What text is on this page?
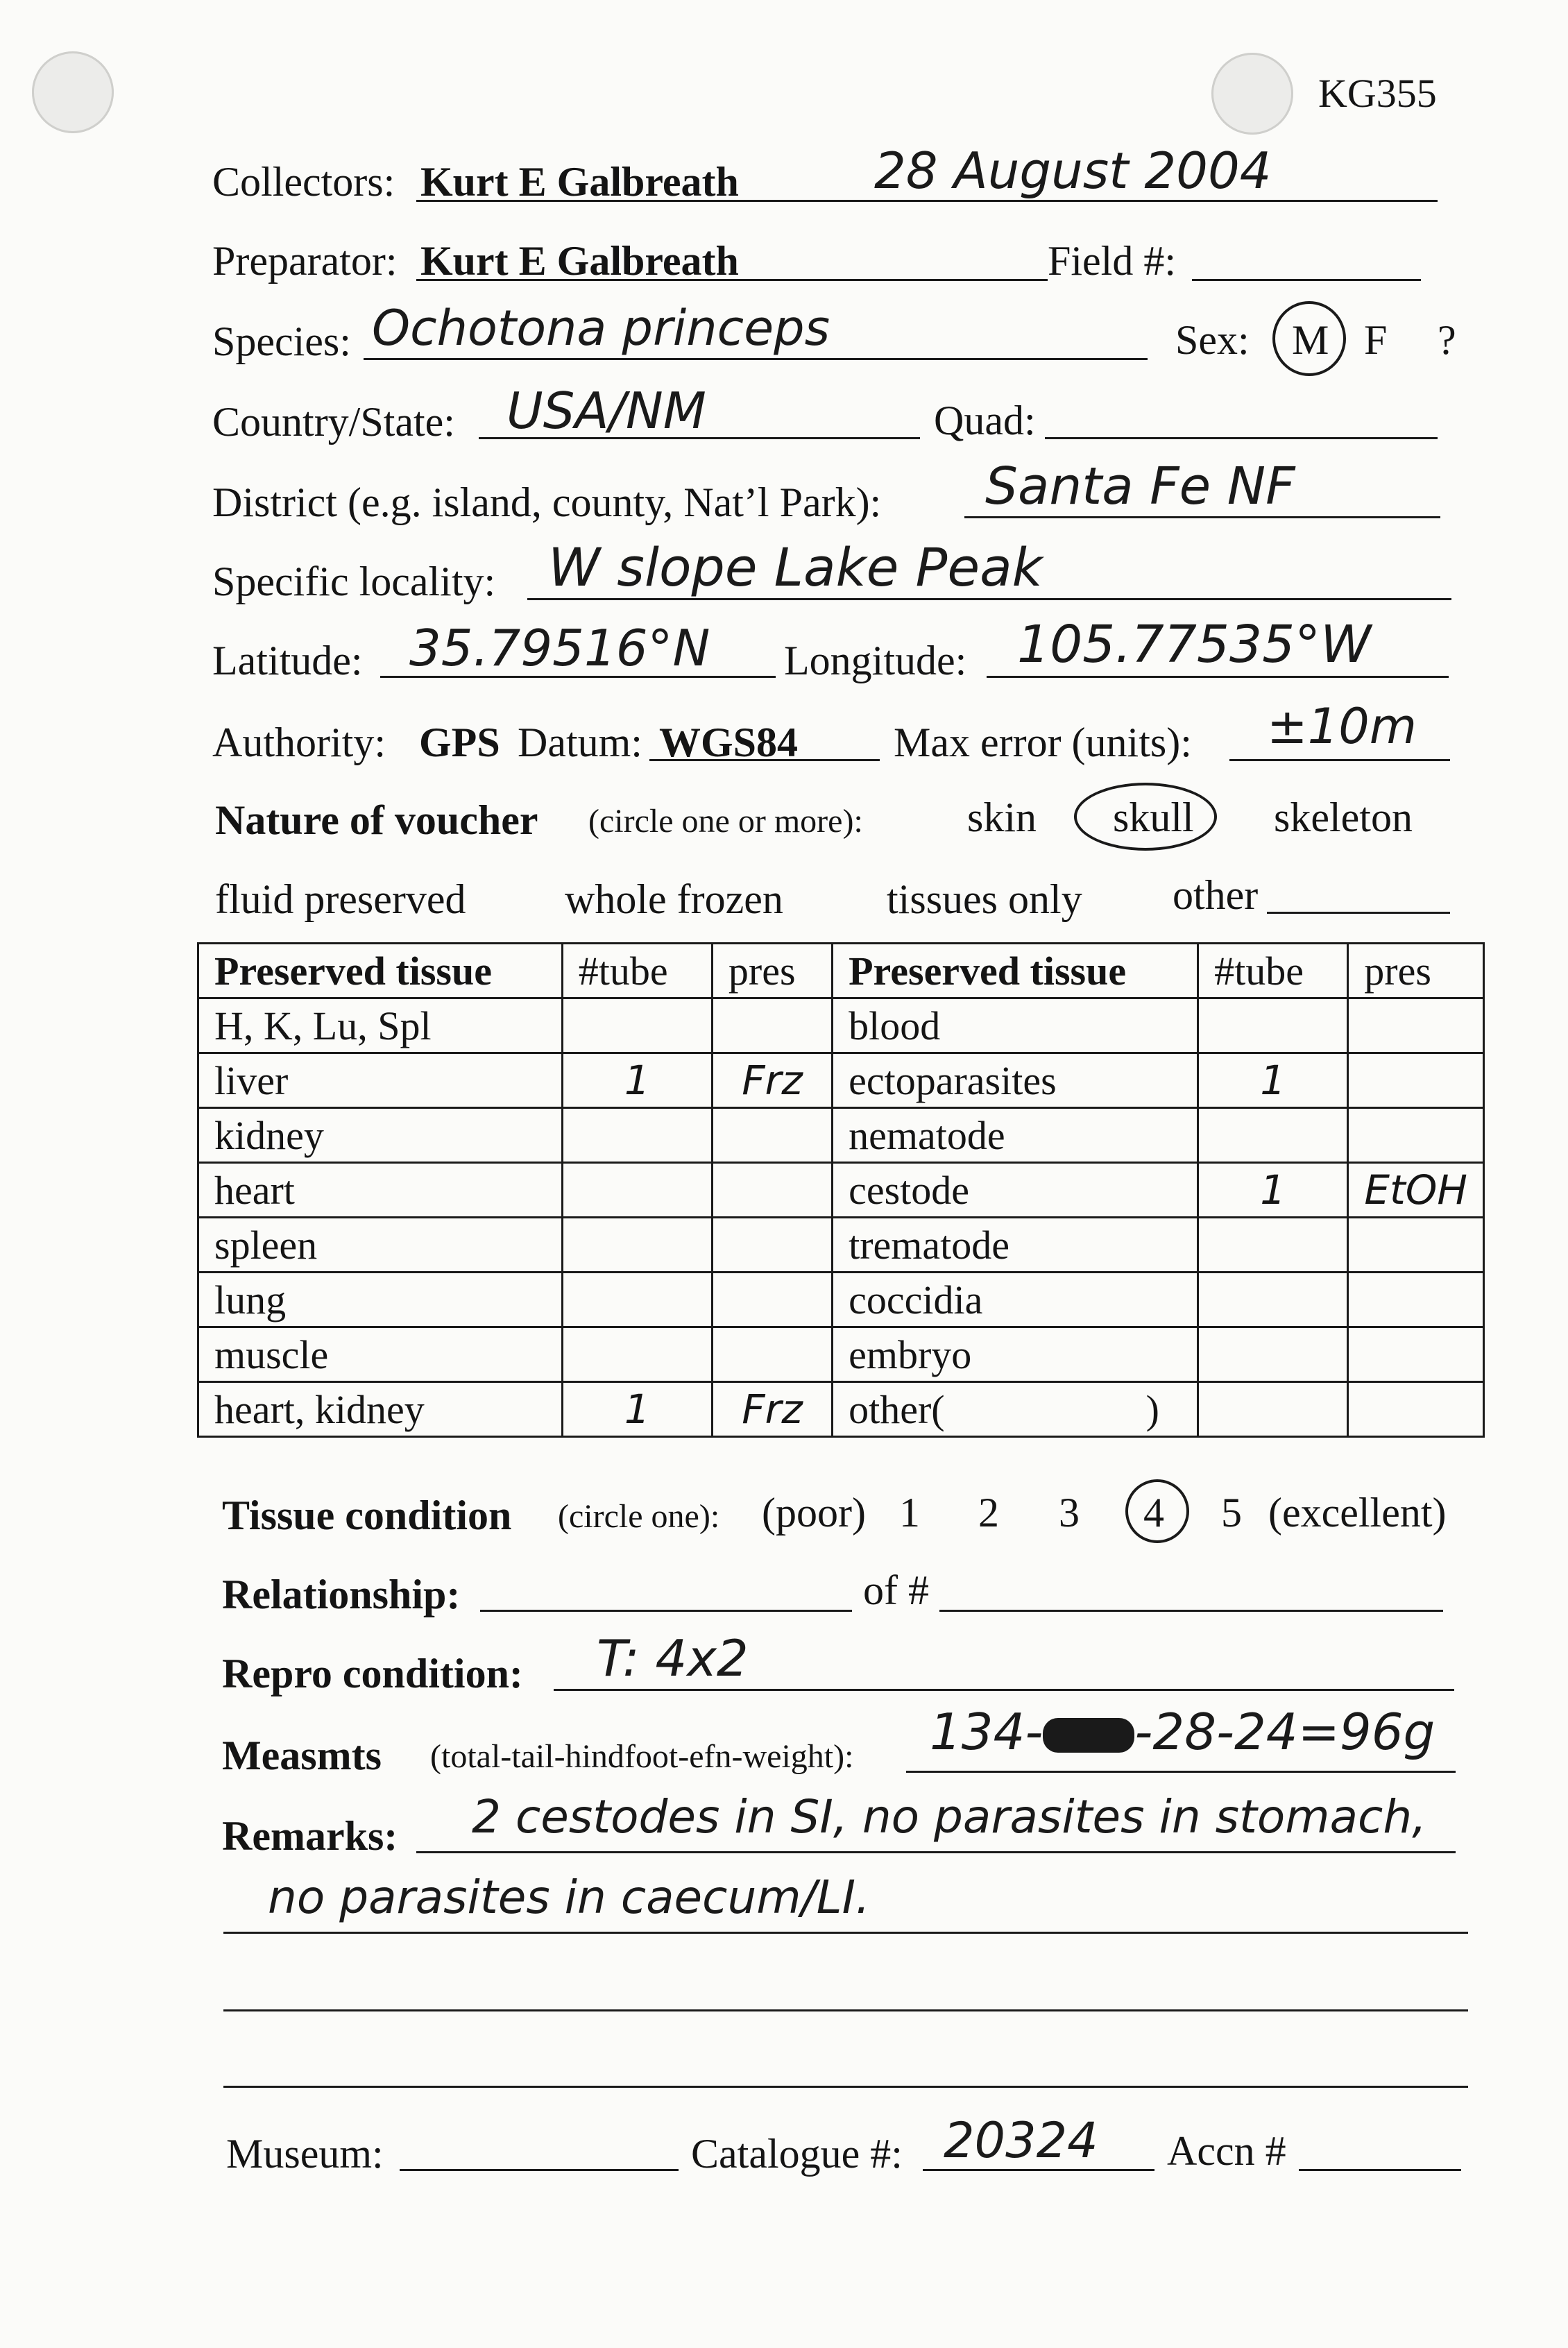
KG355
Collectors: Kurt E Galbreath	28 August 2004
Preparator: Kurt E Galbreath	Field #:
Species: Ochotona princeps	Sex: M F ?
Country/State: USA/NM	Quad:
District (e.g. island, county, Nat’l Park): Santa Fe NF
Specific locality: W slope Lake Peak
Latitude: 35.79516°N Longitude: 105.77535°W
Authority: GPS Datum: WGS84 Max error (units): ±10m
Nature of voucher (circle one or more):	skin skull skeleton
fluid preserved whole frozen tissues only other
Preserved tissue	#tube	pres	Preserved tissue	#tube	pres
H, K, Lu, Spl			blood		
liver	1	Frz	ectoparasites	1	
kidney			nematode		
heart			cestode	1	EtOH
spleen			trematode		
lung			coccidia		
muscle			embryo		
heart, kidney	1	Frz	other(                    )		
Tissue condition (circle one): (poor) 1 2 3 4 5 (excellent)
Relationship:	of #
Repro condition: T: 4x2
Measmts (total-tail-hindfoot-efn-weight): 134- -28-24=96g
Remarks: 2 cestodes in SI, no parasites in stomach,
no parasites in caecum/LI.
Museum:	Catalogue #: 20324 Accn #
